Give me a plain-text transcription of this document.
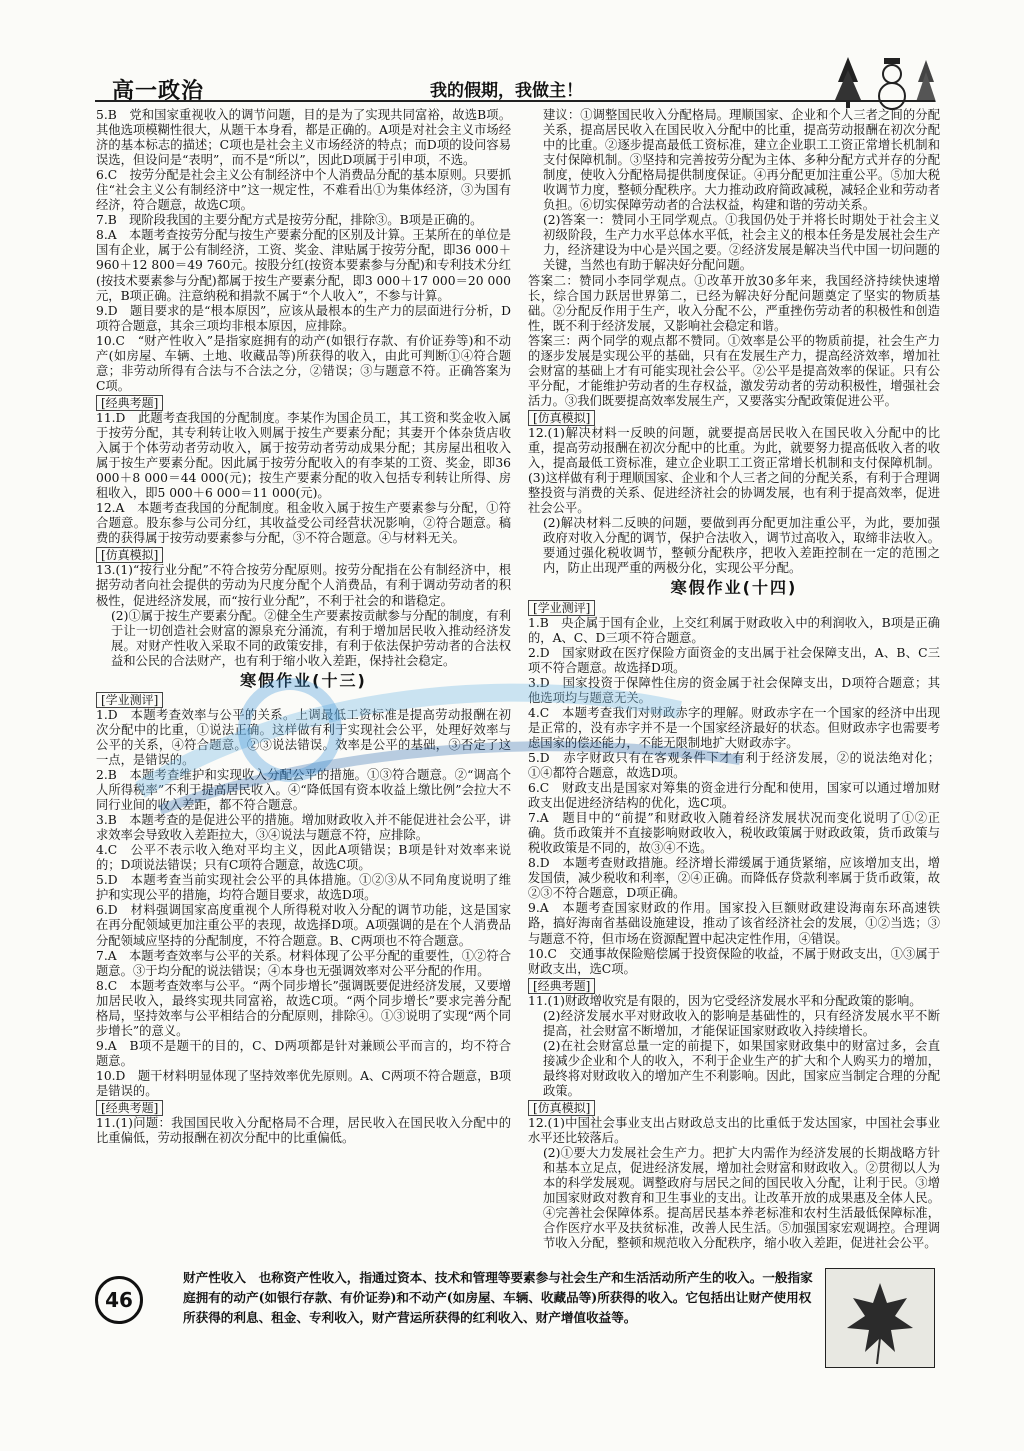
高一政治	我的假期，我做主！

5.B　党和国家重视收入的调节问题，目的是为了实现共同富裕，故选B项。其他选项模糊性很大，从题干本身看，都是正确的。A项是对社会主义市场经济的基本标志的描述；C项也是社会主义市场经济的特点；而D项的设问容易误选，但设问是“表明”，而不是“所以”，因此D项属于引申项，不选。

6.C　按劳分配是社会主义公有制经济中个人消费品分配的基本原则。只要抓住“社会主义公有制经济中”这一规定性，不难看出①为集体经济，③为国有经济，符合题意，故选C项。

7.B　现阶段我国的主要分配方式是按劳分配，排除③。B项是正确的。

8.A　本题考查按劳分配与按生产要素分配的区别及计算。王某所在的单位是国有企业，属于公有制经济，工资、奖金、津贴属于按劳分配，即36 000＋960＋12 800＝49 760元。按股分红(按资本要素参与分配)和专利技术分红(按技术要素参与分配)都属于按生产要素分配，即3 000＋17 000＝20 000元，B项正确。注意纳税和捐款不属于“个人收入”，不参与计算。

9.D　题目要求的是“根本原因”，应该从最根本的生产力的层面进行分析，D项符合题意，其余三项均非根本原因，应排除。

10.C　“财产性收入”是指家庭拥有的动产(如银行存款、有价证券等)和不动产(如房屋、车辆、土地、收藏品等)所获得的收入，由此可判断①④符合题意；非劳动所得有合法与不合法之分，②错误；③与题意不符。正确答案为C项。

[经典考题]

11.D　此题考查我国的分配制度。李某作为国企员工，其工资和奖金收入属于按劳分配，其专利转让收入则属于按生产要素分配；其妻开个体杂货店收入属于个体劳动者劳动收入，属于按劳动者劳动成果分配；其房屋出租收入属于按生产要素分配。因此属于按劳分配收入的有李某的工资、奖金，即36 000＋8 000＝44 000(元)；按生产要素分配的收入包括专利转让所得、房租收入，即5 000＋6 000＝11 000(元)。

12.A　本题考查我国的分配制度。租金收入属于按生产要素参与分配，①符合题意。股东参与公司分红，其收益受公司经营状况影响，②符合题意。稿费的获得属于按劳动要素参与分配，③不符合题意。④与材料无关。

[仿真模拟]

13.(1)“按行业分配”不符合按劳分配原则。按劳分配指在公有制经济中，根据劳动者向社会提供的劳动为尺度分配个人消费品，有利于调动劳动者的积极性，促进经济发展，而“按行业分配”，不利于社会的和谐稳定。

(2)①属于按生产要素分配。②健全生产要素按贡献参与分配的制度，有利于让一切创造社会财富的源泉充分涌流，有利于增加居民收入推动经济发展。对财产性收入采取不同的政策安排，有利于依法保护劳动者的合法权益和公民的合法财产，也有利于缩小收入差距，保持社会稳定。

寒假作业(十三)
[学业测评]

1.D　本题考查效率与公平的关系。上调最低工资标准是提高劳动报酬在初次分配中的比重，①说法正确。这样做有利于实现社会公平，处理好效率与公平的关系，④符合题意。②③说法错误。效率是公平的基础，③否定了这一点，是错误的。

2.B　本题考查维护和实现收入分配公平的措施。①③符合题意。②“调高个人所得税率”不利于提高居民收入。④“降低国有资本收益上缴比例”会拉大不同行业间的收入差距，都不符合题意。

3.B　本题考查的是促进公平的措施。增加财政收入并不能促进社会公平，讲求效率会导致收入差距拉大，③④说法与题意不符，应排除。

4.C　公平不表示收入绝对平均主义，因此A项错误；B项是针对效率来说的；D项说法错误；只有C项符合题意，故选C项。

5.D　本题考查当前实现社会公平的具体措施。①②③从不同角度说明了维护和实现公平的措施，均符合题目要求，故选D项。

6.D　材料强调国家高度重视个人所得税对收入分配的调节功能，这是国家在再分配领域更加注重公平的表现，故选择D项。A项强调的是在个人消费品分配领域应坚持的分配制度，不符合题意。B、C两项也不符合题意。

7.A　本题考查效率与公平的关系。材料体现了公平分配的重要性，①②符合题意。③于均分配的说法错误；④本身也无强调效率对公平分配的作用。

8.C　本题考查效率与公平。“两个同步增长”强调既要促进经济发展，又要增加居民收入，最终实现共同富裕，故选C项。“两个同步增长”要求完善分配格局，坚持效率与公平相结合的分配原则，排除④。①③说明了实现“两个同步增长”的意义。

9.A　B项不是题干的目的，C、D两项都是针对兼顾公平而言的，均不符合题意。

10.D　题干材料明显体现了坚持效率优先原则。A、C两项不符合题意，B项是错误的。

[经典考题]

11.(1)问题：我国国民收入分配格局不合理，居民收入在国民收入分配中的比重偏低，劳动报酬在初次分配中的比重偏低。

建议：①调整国民收入分配格局。理顺国家、企业和个人三者之间的分配关系，提高居民收入在国民收入分配中的比重，提高劳动报酬在初次分配中的比重。②逐步提高最低工资标准，建立企业职工工资正常增长机制和支付保障机制。③坚持和完善按劳分配为主体、多种分配方式并存的分配制度，使收入分配格局提供制度保证。④再分配更加注重公平。⑤加大税收调节力度，整顿分配秩序。大力推动政府简政减税，减轻企业和劳动者负担。⑥切实保障劳动者的合法权益，构建和谐的劳动关系。

(2)答案一：赞同小王同学观点。①我国仍处于并将长时期处于社会主义初级阶段，生产力水平总体水平低，社会主义的根本任务是发展社会生产力，经济建设为中心是兴国之要。②经济发展是解决当代中国一切问题的关键，当然也有助于解决好分配问题。

答案二：赞同小李同学观点。①改革开放30多年来，我国经济持续快速增长，综合国力跃居世界第二，已经为解决好分配问题奠定了坚实的物质基础。②分配反作用于生产，收入分配不公，严重挫伤劳动者的积极性和创造性，既不利于经济发展，又影响社会稳定和谐。

答案三：两个同学的观点都不赞同。①效率是公平的物质前提，社会生产力的逐步发展是实现公平的基础，只有在发展生产力，提高经济效率，增加社会财富的基础上才有可能实现社会公平。②公平是提高效率的保证。只有公平分配，才能维护劳动者的生存权益，激发劳动者的劳动积极性，增强社会活力。③我们既要提高效率发展生产，又要落实分配政策促进公平。

[仿真模拟]

12.(1)解决材料一反映的问题，就要提高居民收入在国民收入分配中的比重，提高劳动报酬在初次分配中的比重。为此，就要努力提高低收入者的收入，提高最低工资标准，建立企业职工工资正常增长机制和支付保障机制。(3)这样做有利于理顺国家、企业和个人三者之间的分配关系，有利于合理调整投资与消费的关系、促进经济社会的协调发展，也有利于提高效率，促进社会公平。

(2)解决材料二反映的问题，要做到再分配更加注重公平，为此，要加强政府对收入分配的调节，保护合法收入，调节过高收入，取缔非法收入。要通过强化税收调节，整顿分配秩序，把收入差距控制在一定的范围之内，防止出现严重的两极分化，实现公平分配。

寒假作业(十四)
[学业测评]

1.B　央企属于国有企业，上交红利属于财政收入中的利润收入，B项是正确的，A、C、D三项不符合题意。

2.D　国家财政在医疗保险方面资金的支出属于社会保障支出，A、B、C三项不符合题意。故选择D项。

3.D　国家投资于保障性住房的资金属于社会保障支出，D项符合题意；其他选项均与题意无关。

4.C　本题考查我们对财政赤字的理解。财政赤字在一个国家的经济中出现是正常的，没有赤字并不是一个国家经济最好的状态。但财政赤字也需要考虑国家的偿还能力，不能无限制地扩大财政赤字。

5.D　赤字财政只有在客观条件下才有利于经济发展，②的说法绝对化；①④都符合题意，故选D项。

6.C　财政支出是国家对筹集的资金进行分配和使用，国家可以通过增加财政支出促进经济结构的优化，选C项。

7.A　题目中的“前提”和财政收入随着经济发展状况而变化说明了①②正确。货币政策并不直接影响财政收入，税收政策属于财政政策，货币政策与税收政策是不同的，故③④不选。

8.D　本题考查财政措施。经济增长滞缓属于通货紧缩，应该增加支出，增发国债，减少税收和利率，②④正确。而降低存贷款利率属于货币政策，故②③不符合题意，D项正确。

9.A　本题考查国家财政的作用。国家投入巨额财政建设海南东环高速铁路，搞好海南省基础设施建设，推动了该省经济社会的发展，①②当选；③与题意不符，但市场在资源配置中起决定性作用，④错误。

10.C　交通事故保险赔偿属于投资保险的收益，不属于财政支出，①③属于财政支出，选C项。

[经典考题]

11.(1)财政增收究是有限的，因为它受经济发展水平和分配政策的影响。

(2)经济发展水平对财政收入的影响是基础性的，只有经济发展水平不断提高，社会财富不断增加，才能保证国家财政收入持续增长。

(2)在社会财富总量一定的前提下，如果国家财政集中的财富过多，会直接减少企业和个人的收入，不利于企业生产的扩大和个人购买力的增加，最终将对财政收入的增加产生不利影响。因此，国家应当制定合理的分配政策。

[仿真模拟]

12.(1)中国社会事业支出占财政总支出的比重低于发达国家，中国社会事业水平还比较落后。

(2)①要大力发展社会生产力。把扩大内需作为经济发展的长期战略方针和基本立足点，促进经济发展，增加社会财富和财政收入。②贯彻以人为本的科学发展观。调整政府与居民之间的国民收入分配，让利于民。③增加国家财政对教育和卫生事业的支出。让改革开放的成果惠及全体人民。④完善社会保障体系。提高居民基本养老标准和农村生活最低保障标准，合作医疗水平及扶贫标准，改善人民生活。⑤加强国家宏观调控。合理调节收入分配，整顿和规范收入分配秩序，缩小收入差距，促进社会公平。

46
财产性收入　也称资产性收入，指通过资本、技术和管理等要素参与社会生产和生活活动所产生的收入。一般指家庭拥有的动产(如银行存款、有价证券)和不动产(如房屋、车辆、收藏品等)所获得的收入。它包括出让财产使用权所获得的利息、租金、专利收入，财产营运所获得的红利收入、财产增值收益等。
